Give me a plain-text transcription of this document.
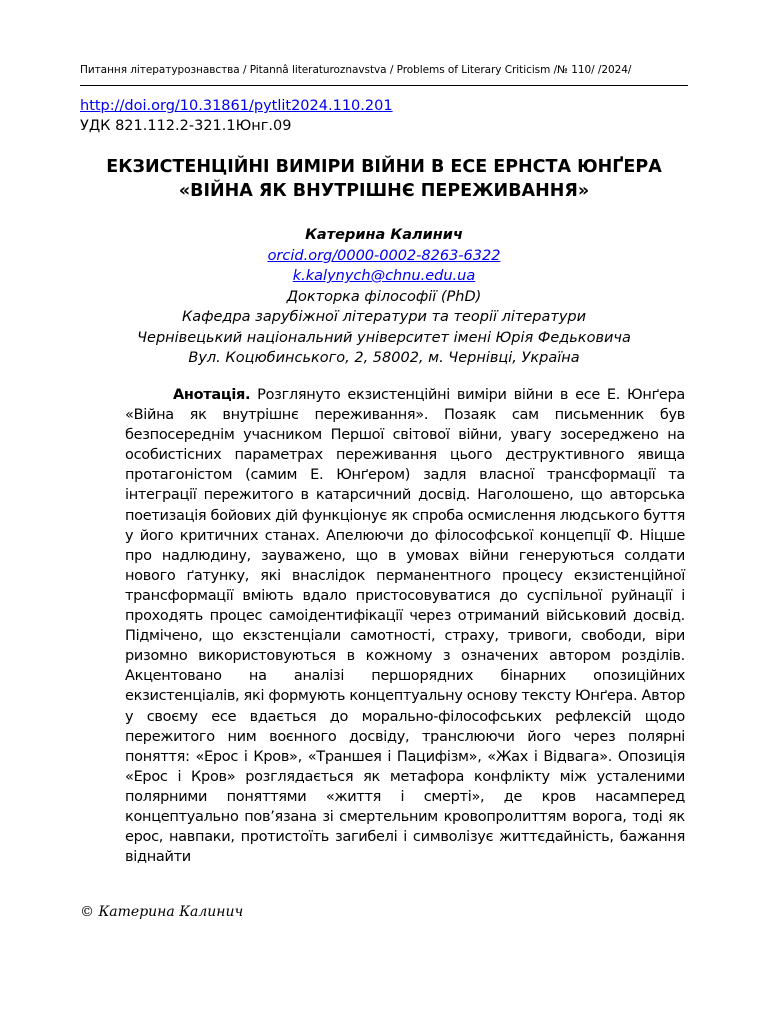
Питання літературознавства / Pitannâ literaturoznavstva / Problems of Literary Criticism /№ 110/ /2024/
http://doi.org/10.31861/pytlit2024.110.201
УДК 821.112.2-321.1Юнг.09
ЕКЗИСТЕНЦІЙНІ ВИМІРИ ВІЙНИ В ЕСЕ ЕРНСТА ЮНҐЕРА
«ВІЙНА ЯК ВНУТРІШНЄ ПЕРЕЖИВАННЯ»
Катерина Калинич
orcid.org/0000-0002-8263-6322
k.kalynych@chnu.edu.ua
Докторка філософії (PhD)
Кафедра зарубіжної літератури та теорії літератури
Чернівецький національний університет імені Юрія Федьковича
Вул. Коцюбинського, 2, 58002, м. Чернівці, Україна
Анотація. Розглянуто екзистенційні виміри війни в есе Е. Юнґера «Війна як внутрішнє переживання». Позаяк сам письменник був безпосереднім учасником Першої світової війни, увагу зосереджено на особистісних параметрах переживання цього деструктивного явища протагоністом (самим Е. Юнґером) задля власної трансформації та інтеграції пережитого в катарсичний досвід. Наголошено, що авторська поетизація бойових дій функціонує як спроба осмислення людського буття у його критичних станах. Апелюючи до філософської концепції Ф. Ніцше про надлюдину, зауважено, що в умовах війни генеруються солдати нового ґатунку, які внаслідок перманентного процесу екзистенційної трансформації вміють вдало пристосовуватися до суспільної руйнації і проходять процес самоідентифікації через отриманий військовий досвід. Підмічено, що екзстенціали самотності, страху, тривоги, свободи, віри ризомно використовуються в кожному з означених автором розділів. Акцентовано на аналізі першорядних бінарних опозиційних екзистенціалів, які формують концептуальну основу тексту Юнґера. Автор у своєму есе вдається до морально-філософських рефлексій щодо пережитого ним воєнного досвіду, транслюючи його через полярні поняття: «Ерос і Кров», «Траншея і Пацифізм», «Жах і Відвага». Опозиція «Ерос і Кров» розглядається як метафора конфлікту між усталеними полярними поняттями «життя і смерті», де кров насамперед концептуально пов’язана зі смертельним кровопролиттям ворога, тоді як ерос, навпаки, протистоїть загибелі і символізує життєдайність, бажання віднайти
© Катерина Калинич
